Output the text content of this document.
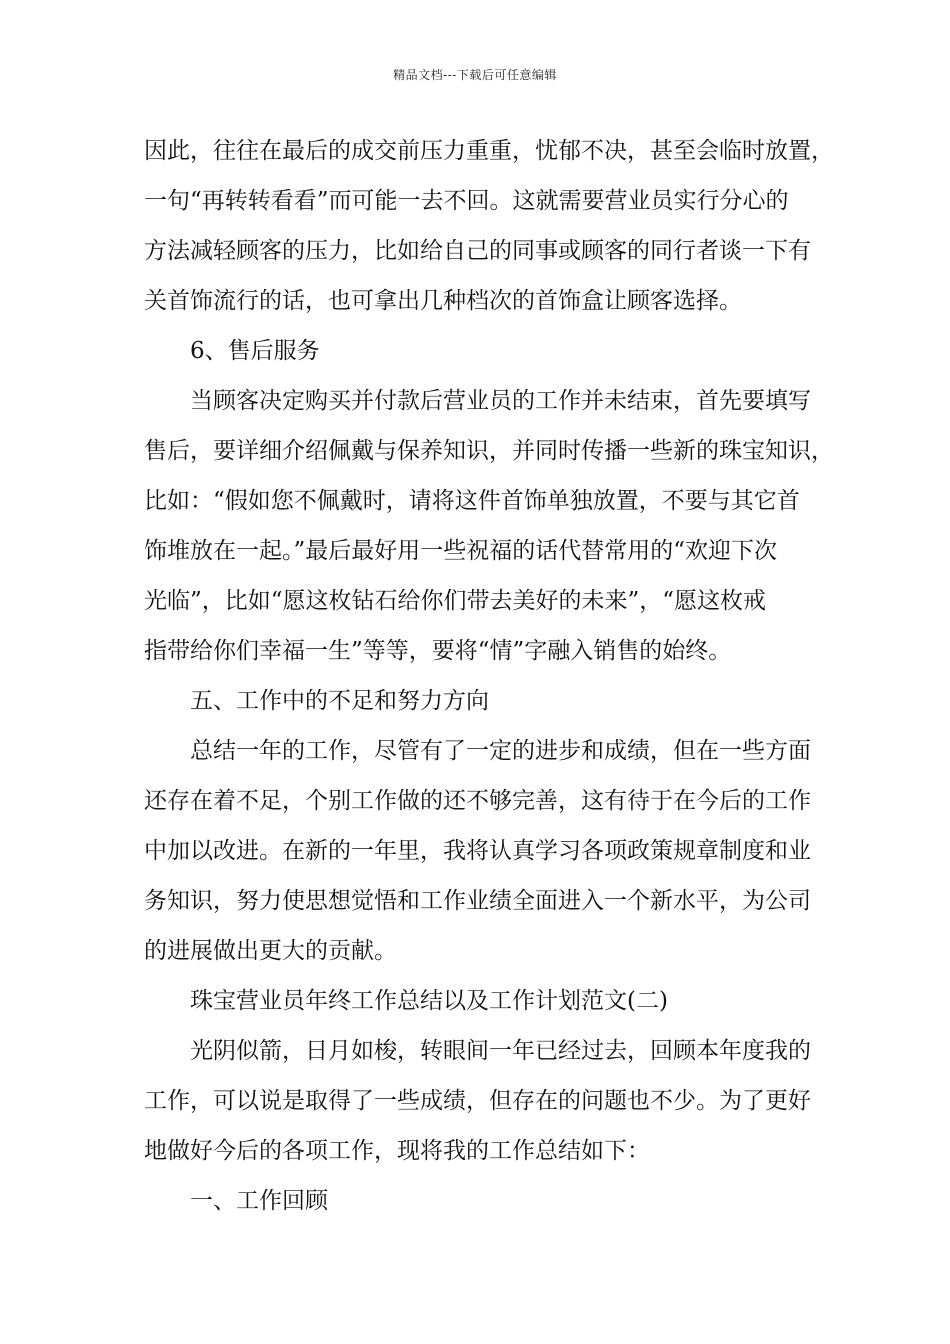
精品文档---下载后可任意编辑
因此，往往在最后的成交前压力重重，忧郁不决，甚至会临时放置，
一句“再转转看看”而可能一去不回。这就需要营业员实行分心的
方法减轻顾客的压力，比如给自己的同事或顾客的同行者谈一下有
关首饰流行的话，也可拿出几种档次的首饰盒让顾客选择。
6、售后服务
当顾客决定购买并付款后营业员的工作并未结束，首先要填写
售后，要详细介绍佩戴与保养知识，并同时传播一些新的珠宝知识，
比如：“假如您不佩戴时，请将这件首饰单独放置，不要与其它首
饰堆放在一起。”最后最好用一些祝福的话代替常用的“欢迎下次
光临”，比如“愿这枚钻石给你们带去美好的未来”，“愿这枚戒
指带给你们幸福一生”等等，要将“情”字融入销售的始终。
五、工作中的不足和努力方向
总结一年的工作，尽管有了一定的进步和成绩，但在一些方面
还存在着不足，个别工作做的还不够完善，这有待于在今后的工作
中加以改进。在新的一年里，我将认真学习各项政策规章制度和业
务知识，努力使思想觉悟和工作业绩全面进入一个新水平，为公司
的进展做出更大的贡献。
珠宝营业员年终工作总结以及工作计划范文(二)
光阴似箭，日月如梭，转眼间一年已经过去，回顾本年度我的
工作，可以说是取得了一些成绩，但存在的问题也不少。为了更好
地做好今后的各项工作，现将我的工作总结如下：
一、工作回顾
